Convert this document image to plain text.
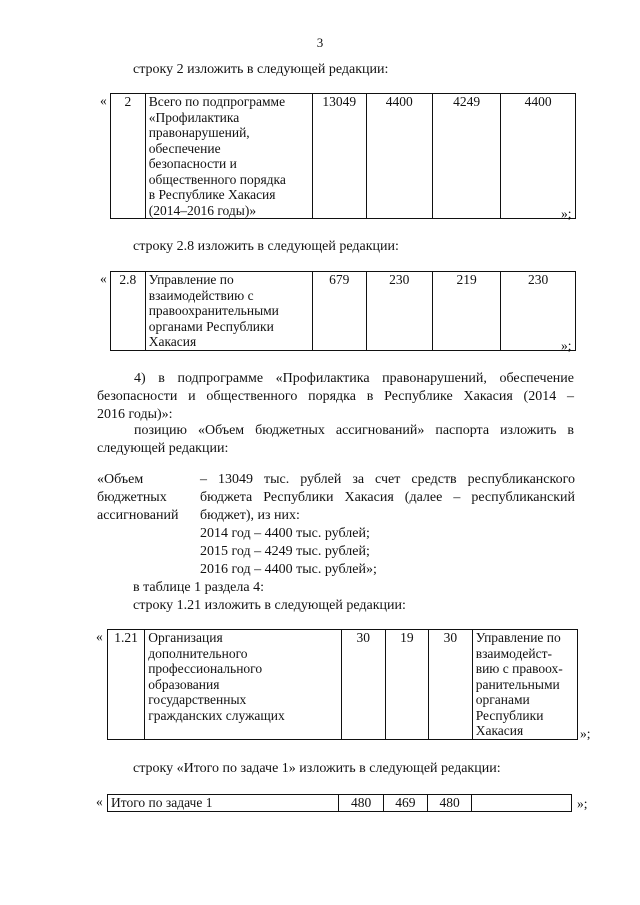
3
строку 2 изложить в следующей редакции:
« 2	Всего по подпрограмме
«Профилактика
правонарушений,
обеспечение
безопасности и
общественного порядка
в Республике Хакасия
(2014–2016 годы)»
	13049	4400	4249	4400
»;
строку 2.8 изложить в следующей редакции:
« 2.8	Управление по
взаимодействию с
правоохранительными
органами Республики
Хакасия
	679	230	219	230
»;
4) в подпрограмме «Профилактика правонарушений, обеспечение
безопасности и общественного порядка в Республике Хакасия (2014 –
2016 годы)»:
позицию «Объем бюджетных ассигнований» паспорта изложить в
следующей редакции:
«Объем
бюджетных
ассигнований
– 13049 тыс. рублей за счет средств республиканского
бюджета Республики Хакасия (далее – республиканский
бюджет), из них:
2014 год – 4400 тыс. рублей;
2015 год – 4249 тыс. рублей;
2016 год – 4400 тыс. рублей»;
в таблице 1 раздела 4:
строку 1.21 изложить в следующей редакции:
« 1.21	Организация
дополнительного
профессионального
образования
государственных
гражданских служащих
	30	19	30	Управление по
взаимодейст-
вию с правоох-
ранительными
органами
Республики
Хакасия	»;
строку «Итого по задаче 1» изложить в следующей редакции:
« Итого по задаче 1	480	469	480		»;
